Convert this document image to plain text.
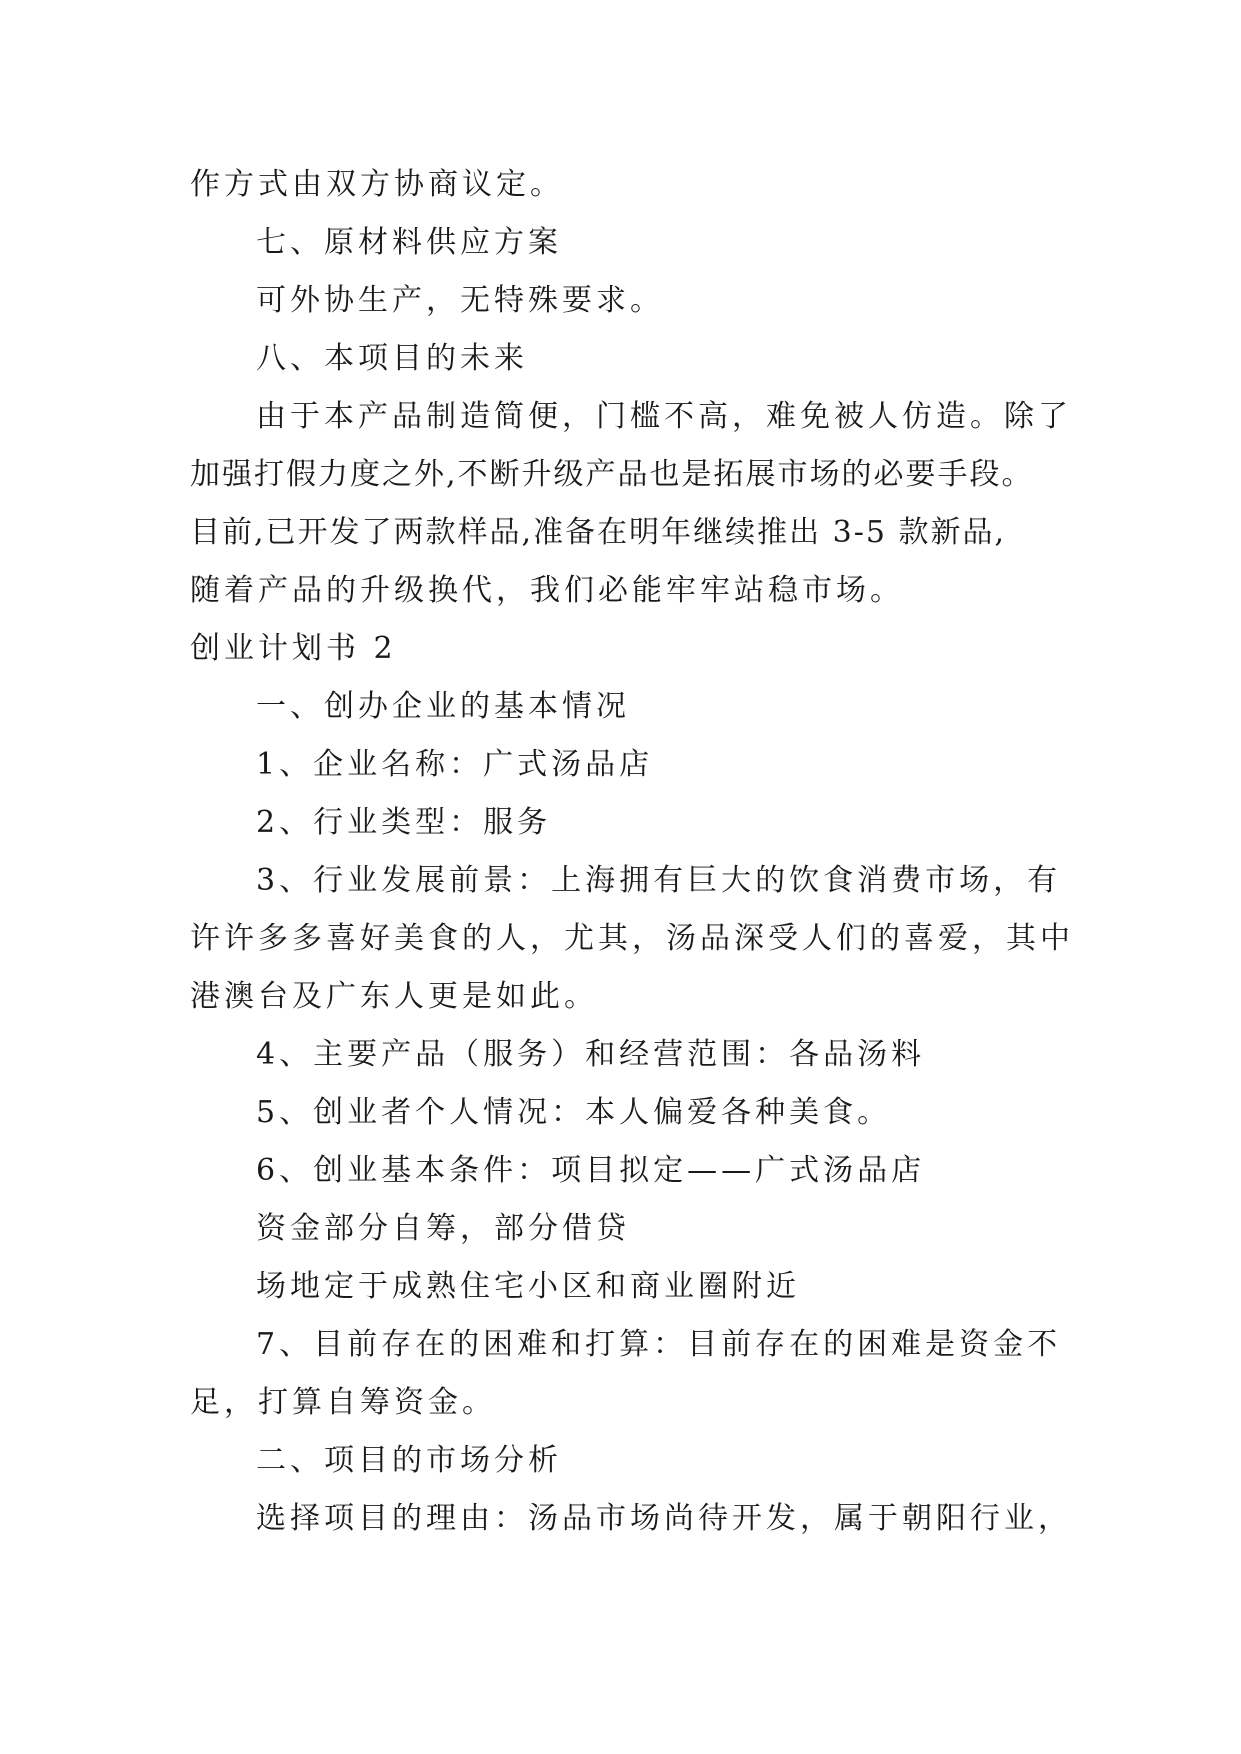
作方式由双方协商议定。
七、原材料供应方案
可外协生产，无特殊要求。
八、本项目的未来
由于本产品制造简便，门槛不高，难免被人仿造。除了
加强打假力度之外,不断升级产品也是拓展市场的必要手段。
目前,已开发了两款样品,准备在明年继续推出 3-5 款新品,
随着产品的升级换代，我们必能牢牢站稳市场。
创业计划书 2
一、创办企业的基本情况
1、企业名称：广式汤品店
2、行业类型：服务
3、行业发展前景：上海拥有巨大的饮食消费市场，有
许许多多喜好美食的人，尤其，汤品深受人们的喜爱，其中
港澳台及广东人更是如此。
4、主要产品（服务）和经营范围：各品汤料
5、创业者个人情况：本人偏爱各种美食。
6、创业基本条件：项目拟定——广式汤品店
资金部分自筹，部分借贷
场地定于成熟住宅小区和商业圈附近
7、目前存在的困难和打算：目前存在的困难是资金不
足，打算自筹资金。
二、项目的市场分析
选择项目的理由：汤品市场尚待开发，属于朝阳行业，
